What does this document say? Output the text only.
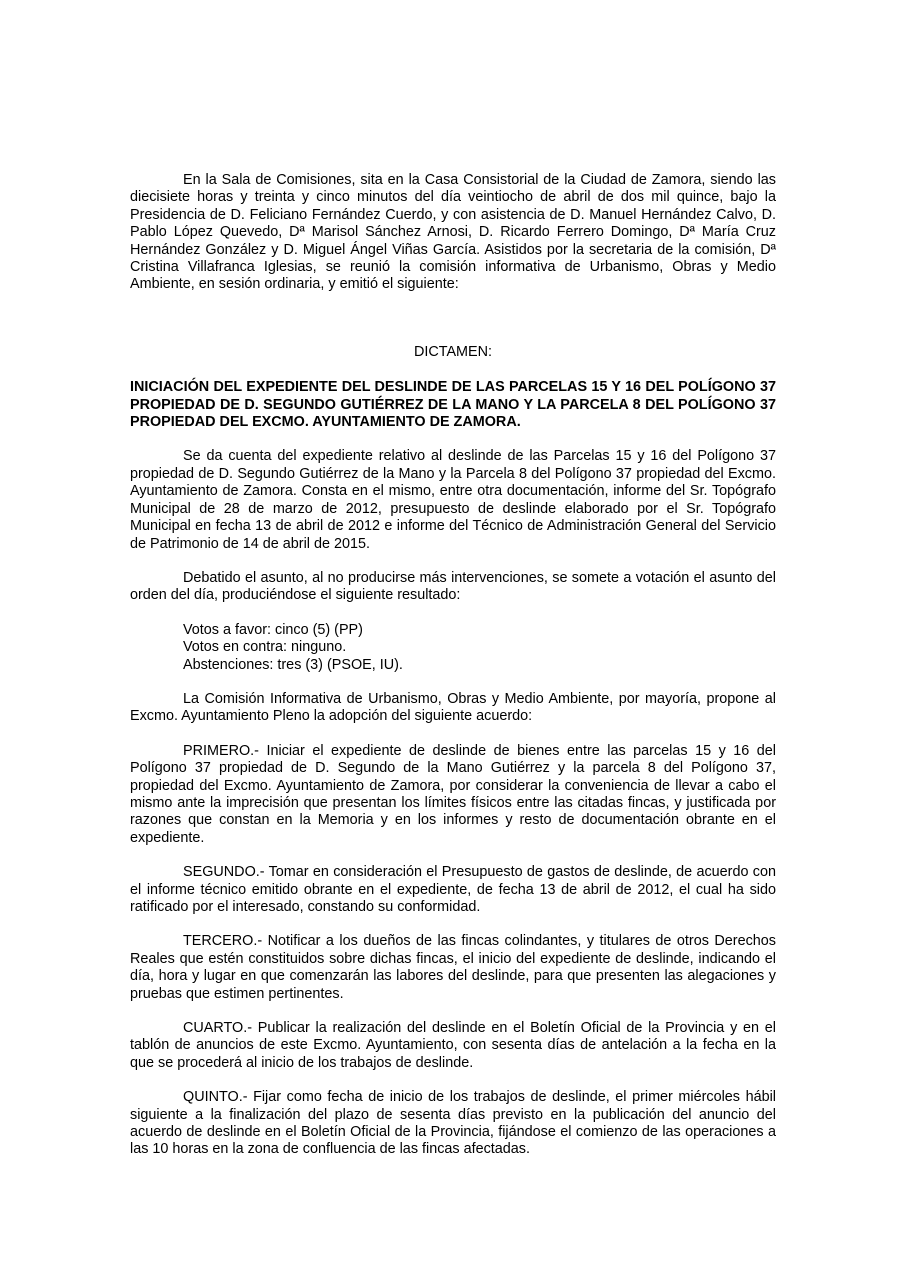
En la Sala de Comisiones, sita en la Casa Consistorial de la Ciudad de Zamora, siendo las diecisiete horas y treinta y cinco minutos del día veintiocho de abril de dos mil quince, bajo la Presidencia de D. Feliciano Fernández Cuerdo, y con asistencia de D. Manuel Hernández Calvo, D. Pablo López Quevedo, Dª Marisol Sánchez Arnosi, D. Ricardo Ferrero Domingo, Dª María Cruz Hernández González y D. Miguel Ángel Viñas García. Asistidos por la secretaria de la comisión, Dª Cristina Villafranca Iglesias, se reunió la comisión informativa de Urbanismo, Obras y Medio Ambiente, en sesión ordinaria, y emitió el siguiente:

DICTAMEN:

INICIACIÓN DEL EXPEDIENTE DEL DESLINDE DE LAS PARCELAS 15 Y 16 DEL POLÍGONO 37 PROPIEDAD DE D. SEGUNDO GUTIÉRREZ DE LA MANO Y LA PARCELA 8 DEL POLÍGONO 37 PROPIEDAD DEL EXCMO. AYUNTAMIENTO DE ZAMORA.

Se da cuenta del expediente relativo al deslinde de las Parcelas 15 y 16 del Polígono 37 propiedad de D. Segundo Gutiérrez de la Mano y la Parcela 8 del Polígono 37 propiedad del Excmo. Ayuntamiento de Zamora. Consta en el mismo, entre otra documentación, informe del Sr. Topógrafo Municipal de 28 de marzo de 2012, presupuesto de deslinde elaborado por el Sr. Topógrafo Municipal en fecha 13 de abril de 2012 e informe del Técnico de Administración General del Servicio de Patrimonio de 14 de abril de 2015.

Debatido el asunto, al no producirse más intervenciones, se somete a votación el asunto del orden del día, produciéndose el siguiente resultado:

Votos a favor: cinco (5) (PP)
Votos en contra: ninguno.
Abstenciones: tres (3) (PSOE, IU).

La Comisión Informativa de Urbanismo, Obras y Medio Ambiente, por mayoría, propone al Excmo. Ayuntamiento Pleno la adopción del siguiente acuerdo:

PRIMERO.- Iniciar el expediente de deslinde de bienes entre las parcelas 15 y 16 del Polígono 37 propiedad de D. Segundo de la Mano Gutiérrez y la parcela 8 del Polígono 37, propiedad del Excmo. Ayuntamiento de Zamora, por considerar la conveniencia de llevar a cabo el mismo ante la imprecisión que presentan los límites físicos entre las citadas fincas, y justificada por razones que constan en la Memoria y en los informes y resto de documentación obrante en el expediente.

SEGUNDO.- Tomar en consideración el Presupuesto de gastos de deslinde, de acuerdo con el informe técnico emitido obrante en el expediente, de fecha 13 de abril de 2012, el cual ha sido ratificado por el interesado, constando su conformidad.

TERCERO.- Notificar a los dueños de las fincas colindantes, y titulares de otros Derechos Reales que estén constituidos sobre dichas fincas, el inicio del expediente de deslinde, indicando el día, hora y lugar en que comenzarán las labores del deslinde, para que presenten las alegaciones y pruebas que estimen pertinentes.

CUARTO.- Publicar la realización del deslinde en el Boletín Oficial de la Provincia y en el tablón de anuncios de este Excmo. Ayuntamiento, con sesenta días de antelación a la fecha en la que se procederá al inicio de los trabajos de deslinde.

QUINTO.- Fijar como fecha de inicio de los trabajos de deslinde, el primer miércoles hábil siguiente a la finalización del plazo de sesenta días previsto en la publicación del anuncio del acuerdo de deslinde en el Boletín Oficial de la Provincia, fijándose el comienzo de las operaciones a las 10 horas en la zona de confluencia de las fincas afectadas.
